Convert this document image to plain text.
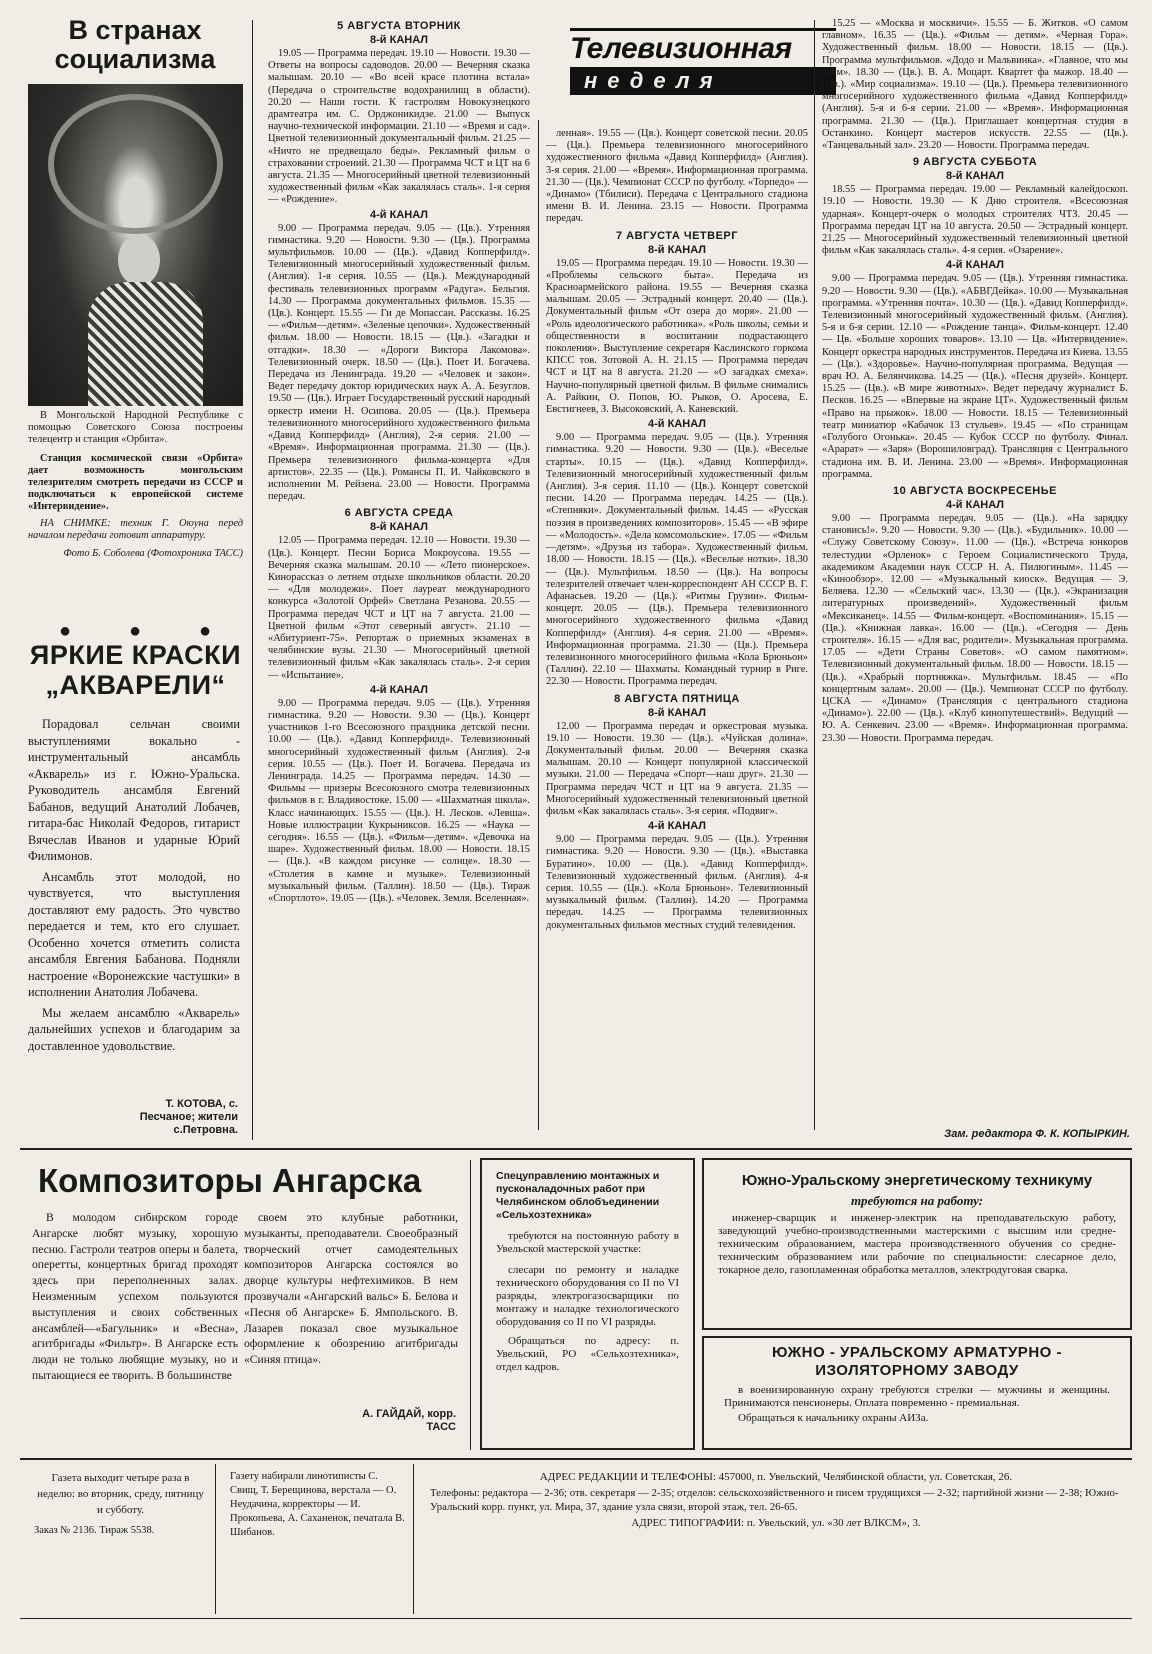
В странах социализма

В Монгольской Народной Республике с помощью Советского Союза построены телецентр и станция «Орбита».

Станция космической связи «Орбита» дает возможность монгольским телезрителям смотреть передачи из СССР и подключаться к европейской системе «Интервидение».

НА СНИМКЕ: техник Г. Оюуна перед началом передачи готовит аппаратуру.

Фото Б. Соболева (Фотохроника ТАСС)

●	●	●
ЯРКИЕ КРАСКИ „АКВАРЕЛИ“

Порадовал сельчан своими выступлениями вокально - инструментальный ансамбль «Акварель» из г. Южно-Уральска. Руководитель ансамбля Евгений Бабанов, ведущий Анатолий Лобачев, гитара-бас Николай Федоров, гитарист Вячеслав Иванов и ударные Юрий Филимонов.

Ансамбль этот молодой, но чувствуется, что выступления доставляют ему радость. Это чувство передается и тем, кто его слушает. Особенно хочется отметить солиста ансамбля Евгения Бабанова. Подняли настроение «Воронежские частушки» в исполнении Анатолия Лобачева.

Мы желаем ансамблю «Акварель» дальнейших успехов и благодарим за доставленное удовольствие.

Т. КОТОВА, с. Песчаное; жители с.Петровна.
5 АВГУСТА ВТОРНИК
8-й КАНАЛ

19.05 — Программа передач. 19.10 — Новости. 19.30 — Ответы на вопросы садоводов. 20.00 — Вечерняя сказка малышам. 20.10 — «Во всей красе плотина встала» (Передача о строительстве водохранилищ в области). 20.20 — Наши гости. К гастролям Новокузнецкого драмтеатра им. С. Орджоникидзе. 21.00 — Выпуск научно-технической информации. 21.10 — «Время и сад». Цветной телевизионный документальный фильм. 21.25 — «Ничто не предвещало беды». Рекламный фильм о страховании строений. 21.30 — Программа ЧСТ и ЦТ на 6 августа. 21.35 — Многосерийный цветной телевизионный художественный фильм «Как закалялась сталь». 1-я серия — «Рождение».

4-й КАНАЛ

9.00 — Программа передач. 9.05 — (Цв.). Утренняя гимнастика. 9.20 — Новости. 9.30 — (Цв.). Программа мультфильмов. 10.00 — (Цв.). «Давид Копперфилд». Телевизионный многосерийный художественный фильм. (Англия). 1-я серия. 10.55 — (Цв.). Международный фестиваль телевизионных программ «Радуга». Бельгия. 14.30 — Программа документальных фильмов. 15.35 — (Цв.). Концерт. 15.55 — Ги де Мопассан. Рассказы. 16.25 — «Фильм—детям». «Зеленые цепочки». Художественный фильм. 18.00 — Новости. 18.15 — (Цв.). «Загадки и отгадки». 18.30 — «Дороги Виктора Лакомова». Телевизионный очерк. 18.50 — (Цв.). Поет И. Богачева. Передача из Ленинграда. 19.20 — «Человек и закон». Ведет передачу доктор юридических наук А. А. Безуглов. 19.50 — (Цв.). Играет Государственный русский народный оркестр имени Н. Осипова. 20.05 — (Цв.). Премьера телевизионного многосерийного художественного фильма «Давид Копперфилд» (Англия), 2-я серия. 21.00 — «Время». Информационная программа. 21.30 — (Цв.). Премьера телевизионного фильма-концерта «Для артистов». 22.35 — (Цв.). Романсы П. И. Чайковского в исполнении М. Рейзена. 23.00 — Новости. Программа передач.

6 АВГУСТА СРЕДА
8-й КАНАЛ

12.05 — Программа передач. 12.10 — Новости. 19.30 — (Цв.). Концерт. Песни Бориса Мокроусова. 19.55 — Вечерняя сказка малышам. 20.10 — «Лето пионерское». Кинорассказ о летнем отдыхе школьников области. 20.20 — «Для молодежи». Поет лауреат международного конкурса «Золотой Орфей» Светлана Резанова. 20.55 — Программа передач ЧСТ и ЦТ на 7 августа. 21.00 — Цветной фильм «Этот северный август». 21.10 — «Абитуриент-75». Репортаж о приемных экзаменах в челябинские вузы. 21.30 — Многосерийный цветной телевизионный фильм «Как закалялась сталь». 2-я серия — «Испытание».

4-й КАНАЛ

9.00 — Программа передач. 9.05 — (Цв.). Утренняя гимнастика. 9.20 — Новости. 9.30 — (Цв.). Концерт участников 1-го Всесоюзного праздника детской песни. 10.00 — (Цв.). «Давид Копперфилд». Телевизионный многосерийный художественный фильм (Англия). 2-я серия. 10.55 — (Цв.). Поет И. Богачева. Передача из Ленинграда. 14.25 — Программа передач. 14.30 — Фильмы — призеры Всесоюзного смотра телевизионных фильмов в г. Владивостоке. 15.00 — «Шахматная школа». Класс начинающих. 15.55 — (Цв.). Н. Лесков. «Левша». Новые иллюстрации Кукрыниксов. 16.25 — «Наука — сегодня». 16.55 — (Цв.). «Фильм—детям». «Девочка на шаре». Художественный фильм. 18.00 — Новости. 18.15 — (Цв.). «В каждом рисунке — солнце». 18.30 — «Столетия в камне и музыке». Телевизионный музыкальный фильм. (Таллин). 18.50 — (Цв.). Тираж «Спортлото». 19.05 — (Цв.). «Человек. Земля. Вселенная».

Телевизионная
неделя

ленная». 19.55 — (Цв.). Концерт советской песни. 20.05 — (Цв.). Премьера телевизионного многосерийного художественного фильма «Давид Копперфилд» (Англия). 3-я серия. 21.00 — «Время». Информационная программа. 21.30 — (Цв.). Чемпионат СССР по футболу. «Торпедо» — «Динамо» (Тбилиси). Передача с Центрального стадиона имени В. И. Ленина. 23.15 — Новости. Программа передач.

7 АВГУСТА ЧЕТВЕРГ
8-й КАНАЛ

19.05 — Программа передач. 19.10 — Новости. 19.30 — «Проблемы сельского быта». Передача из Красноармейского района. 19.55 — Вечерняя сказка малышам. 20.05 — Эстрадный концерт. 20.40 — (Цв.). Документальный фильм «От озера до моря». 21.00 — «Роль идеологического работника». «Роль школы, семьи и общественности в воспитании подрастающего поколения». Выступление секретаря Каслинского горкома КПСС тов. Зотовой А. Н. 21.15 — Программа передач ЧСТ и ЦТ на 8 августа. 21.20 — «О загадках смеха». Научно-популярный цветной фильм. В фильме снимались А. Райкин, О. Попов, Ю. Рыков, О. Аросева, Е. Евстигнеев, З. Высоковский, А. Каневский.

4-й КАНАЛ

9.00 — Программа передач. 9.05 — (Цв.). Утренняя гимнастика. 9.20 — Новости. 9.30 — (Цв.). «Веселые старты». 10.15 — (Цв.). «Давид Копперфилд». Телевизионный многосерийный художественный фильм (Англия). 3-я серия. 11.10 — (Цв.). Концерт советской песни. 14.20 — Программа передач. 14.25 — (Цв.). «Степняки». Документальный фильм. 14.45 — «Русская поэзия в произведениях композиторов». 15.45 — «В эфире — «Молодость». «Дела комсомольские». 17.05 — «Фильм—детям». «Друзья из табора». Художественный фильм. 18.00 — Новости. 18.15 — (Цв.). «Веселые нотки». 18.30 — (Цв.). Мультфильм. 18.50 — (Цв.). На вопросы телезрителей отвечает член-корреспондент АН СССР В. Г. Афанасьев. 19.20 — (Цв.). «Ритмы Грузии». Фильм-концерт. 20.05 — (Цв.). Премьера телевизионного многосерийного художественного фильма «Давид Копперфилд» (Англия). 4-я серия. 21.00 — «Время». Информационная программа. 21.30 — (Цв.). Премьера телевизионного многосерийного фильма «Кола Брюньон» (Таллин). 22.10 — Шахматы. Командный турнир в Риге. 22.30 — Новости. Программа передач.

8 АВГУСТА ПЯТНИЦА
8-й КАНАЛ

12.00 — Программа передач и оркестровая музыка. 19.10 — Новости. 19.30 — (Цв.). «Чуйская долина». Документальный фильм. 20.00 — Вечерняя сказка малышам. 20.10 — Концерт популярной классической музыки. 21.00 — Передача «Спорт—наш друг». 21.30 — Программа передач ЧСТ и ЦТ на 9 августа. 21.35 — Многосерийный художественный телевизионный цветной фильм «Как закалялась сталь». 3-я серия. «Подвиг».

4-й КАНАЛ

9.00 — Программа передач. 9.05 — (Цв.). Утренняя гимнастика. 9.20 — Новости. 9.30 — (Цв.). «Выставка Буратино». 10.00 — (Цв.). «Давид Копперфилд». Телевизионный художественный фильм. (Англия). 4-я серия. 10.55 — (Цв.). «Кола Брюньон». Телевизионный музыкальный фильм. (Таллин). 14.20 — Программа передач. 14.25 — Программа телевизионных документальных фильмов местных студий телевидения.

15.25 — «Москва и москвичи». 15.55 — Б. Житков. «О самом главном». 16.35 — (Цв.). «Фильм — детям». «Черная Гора». Художественный фильм. 18.00 — Новости. 18.15 — (Цв.). Программа мультфильмов. «Додо и Мальвинка». «Главное, что мы едем». 18.30 — (Цв.). В. А. Моцарт. Квартет фа мажор. 18.40 — (Цв.). «Мир социализма». 19.10 — (Цв.). Премьера телевизионного многосерийного художественного фильма «Давид Копперфилд» (Англия). 5-я и 6-я серии. 21.00 — «Время». Информационная программа. 21.30 — (Цв.). Приглашает концертная студия в Останкино. Концерт мастеров искусств. 22.55 — (Цв.). «Танцевальный зал». 23.20 — Новости. Программа передач.

9 АВГУСТА СУББОТА
8-й КАНАЛ

18.55 — Программа передач. 19.00 — Рекламный калейдоскоп. 19.10 — Новости. 19.30 — К Дню строителя. «Всесоюзная ударная». Концерт-очерк о молодых строителях ЧТЗ. 20.45 — Программа передач ЦТ на 10 августа. 20.50 — Эстрадный концерт. 21.25 — Многосерийный художественный телевизионный цветной фильм «Как закалялась сталь». 4-я серия. «Озарение».

4-й КАНАЛ

9.00 — Программа передач. 9.05 — (Цв.). Утренняя гимнастика. 9.20 — Новости. 9.30 — (Цв.). «АБВГДейка». 10.00 — Музыкальная программа. «Утренняя почта». 10.30 — (Цв.). «Давид Копперфилд». Телевизионный многосерийный художественный фильм. (Англия). 5-я и 6-я серии. 12.10 — «Рождение танца». Фильм-концерт. 12.40 — Цв. «Больше хороших товаров». 13.10 — Цв. «Интервидение». Концерт оркестра народных инструментов. Передача из Киева. 13.55 — (Цв.). «Здоровье». Научно-популярная программа. Ведущая — врач Ю. А. Белянчикова. 14.25 — (Цв.). «Песня друзей». Концерт. 15.25 — (Цв.). «В мире животных». Ведет передачу журналист Б. Песков. 16.25 — «Впервые на экране ЦТ». Художественный фильм «Право на прыжок». 18.00 — Новости. 18.15 — Телевизионный театр миниатюр «Кабачок 13 стульев». 19.45 — «По страницам «Голубого Огонька». 20.45 — Кубок СССР по футболу. Финал. «Арарат» — «Заря» (Ворошиловград). Трансляция с Центрального стадиона им. В. И. Ленина. 23.00 — «Время». Информационная программа.

10 АВГУСТА ВОСКРЕСЕНЬЕ
4-й КАНАЛ

9.00 — Программа передач. 9.05 — (Цв.). «На зарядку становись!». 9.20 — Новости. 9.30 — (Цв.). «Будильник». 10.00 — «Служу Советскому Союзу». 11.00 — (Цв.). «Встреча юнкоров телестудии «Орленок» с Героем Социалистического Труда, академиком Академии наук СССР Н. А. Пилюгиным». 11.45 — «Кинообзор». 12.00 — «Музыкальный киоск». Ведущая — Э. Беляева. 12.30 — «Сельский час». 13.30 — (Цв.). «Экранизация литературных произведений». Художественный фильм «Мексиканец». 14.55 — Фильм-концерт. «Воспоминания». 15.15 — (Цв.). «Книжная лавка». 16.00 — (Цв.). «Сегодня — День строителя». 16.15 — «Для вас, родители». Музыкальная программа. 17.05 — «Дети Страны Советов». «О самом памятном». Телевизионный документальный фильм. 18.00 — Новости. 18.15 — (Цв.). «Храбрый портняжка». Мультфильм. 18.45 — «По концертным залам». 20.00 — (Цв.). Чемпионат СССР по футболу. ЦСКА — «Динамо» (Трансляция с центрального стадиона «Динамо»). 22.00 — (Цв.). «Клуб кинопутешествий». Ведущий — Ю. А. Сенкевич. 23.00 — «Время». Информационная программа. 23.30 — Новости. Программа передач.

Зам. редактора Ф. К. КОПЫРКИН.
Композиторы Ангарска

В молодом сибирском городе Ангарске любят музыку, хорошую песню. Гастроли театров оперы и балета, оперетты, концертных бригад проходят здесь при переполненных залах. Неизменным успехом пользуются выступления и своих собственных ансамблей—«Багульник» и «Весна», агитбригады «Фильтр». В Ангарске есть люди не только любящие музыку, но и пытающиеся ее творить. В большинстве

своем это клубные работники, музыканты, преподаватели. Своеобразный творческий отчет самодеятельных композиторов Ангарска состоялся во дворце культуры нефтехимиков. В нем прозвучали «Ангарский вальс» Б. Белова и «Песня об Ангарске» Б. Ямпольского. В. Лазарев показал свое музыкальное оформление к обозрению агитбригады «Синяя птица».

А. ГАЙДАЙ, корр. ТАСС
Спецуправлению монтажных и пусконаладочных работ при Челябинском облобъединении «Сельхозтехника»

требуются на постоянную работу в Увельской мастерской участке:

слесари по ремонту и наладке технического оборудования со II по VI разряды, электрогазосварщики по монтажу и наладке технологического оборудования со II по VI разряды.

Обращаться по адресу: п. Увельский, РО «Сельхозтехника», отдел кадров.

Южно-Уральскому энергетическому техникуму
требуются на работу:

инженер-сварщик и инженер-электрик на преподавательскую работу, заведующий учебно-производственными мастерскими с высшим или средне-техническим образованием, мастера производственного обучения со средне-техническим образованием или рабочие по специальности: слесарное дело, токарное дело, газопламенная обработка металлов, электродуговая сварка.

ЮЖНО - УРАЛЬСКОМУ АРМАТУРНО - ИЗОЛЯТОРНОМУ ЗАВОДУ

в военизированную охрану требуются стрелки — мужчины и женщины. Принимаются пенсионеры. Оплата повременно - премиальная.

Обращаться к начальнику охраны АИЗа.

Газета выходит четыре раза в неделю: во вторник, среду, пятницу и субботу.
Заказ № 2136. Тираж 5538.
Газету набирали линотиписты С. Свищ, Т. Берещинова, верстала — О. Неудачина, корректоры — И. Прокопьева, А. Саханенок, печатала В. Шибанов.
АДРЕС РЕДАКЦИИ И ТЕЛЕФОНЫ: 457000, п. Увельский, Челябинской области, ул. Советская, 26.
Телефоны: редактора — 2-36; отв. секретаря — 2-35; отделов: сельскохозяйственного и писем трудящихся — 2-32; партийной жизни — 2-38; Южно-Уральский корр. пункт, ул. Мира, 37, здание узла связи, второй этаж, тел. 26-65.
АДРЕС ТИПОГРАФИИ: п. Увельский, ул. «30 лет ВЛКСМ», 3.
